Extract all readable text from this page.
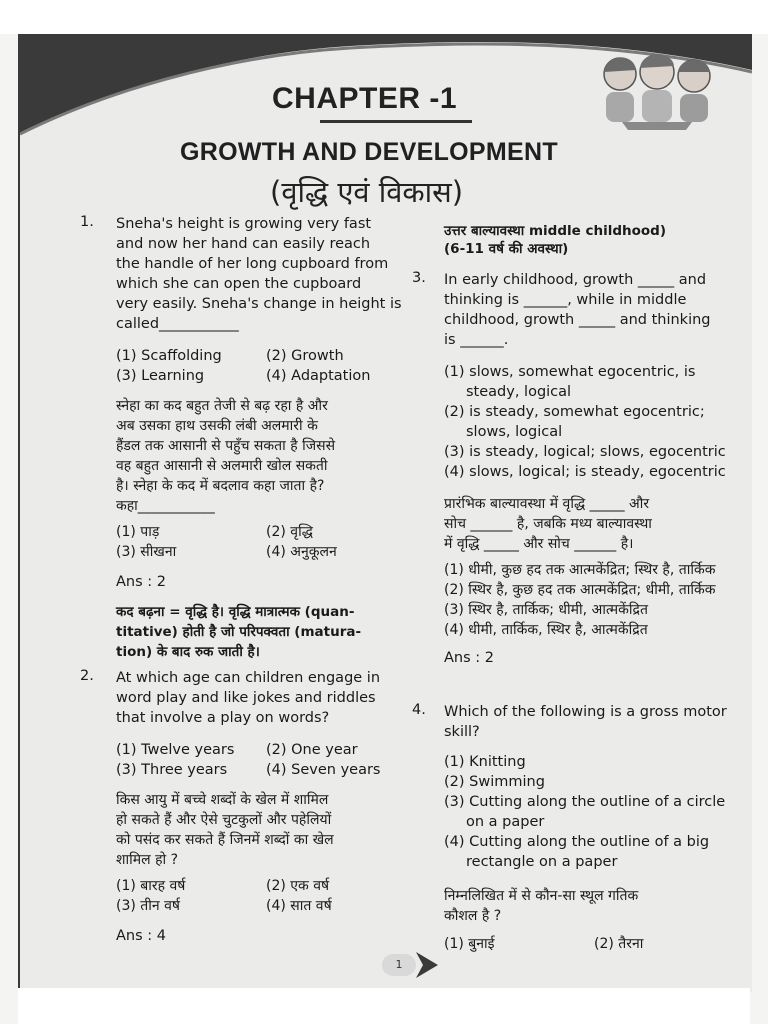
CHAPTER -1
GROWTH AND DEVELOPMENT
(वृद्धि एवं विकास)
1. Sneha's height is growing very fast

and now her hand can easily reach

the handle of her long cupboard from

which she can open the cupboard

very easily. Sneha's change in height is

called___________

(1) Scaffolding	(2) Growth
(3) Learning	(4) Adaptation

स्नेहा का कद बहुत तेजी से बढ़ रहा है और

अब उसका हाथ उसकी लंबी अलमारी के

हैंडल तक आसानी से पहुँच सकता है जिससे

वह बहुत आसानी से अलमारी खोल सकती

है। स्नेहा के कद में बदलाव कहा जाता है?

कहा___________

(1) पाड़	(2) वृद्धि
(3) सीखना	(4) अनुकूलन

Ans : 2

कद बढ़ना = वृद्धि है। वृद्धि मात्रात्मक (quan-

titative) होती है जो परिपक्वता (matura-

tion) के बाद रुक जाती है।

2. At which age can children engage in

word play and like jokes and riddles

that involve a play on words?

(1) Twelve years	(2) One year
(3) Three years	(4) Seven years

किस आयु में बच्चे शब्दों के खेल में शामिल

हो सकते हैं और ऐसे चुटकुलों और पहेलियों

को पसंद कर सकते हैं जिनमें शब्दों का खेल

शामिल हो ?

(1) बारह वर्ष	(2) एक वर्ष
(3) तीन वर्ष	(4) सात वर्ष

Ans : 4

उत्तर बाल्यावस्था middle childhood)

(6-11 वर्ष की अवस्था)

3. In early childhood, growth _____ and

thinking is ______, while in middle

childhood, growth _____ and thinking

is ______.

(1) slows, somewhat egocentric, is steady, logical
(2) is steady, somewhat egocentric; slows, logical
(3) is steady, logical; slows, egocentric
(4) slows, logical; is steady, egocentric

प्रारंभिक बाल्यावस्था में वृद्धि _____ और

सोच ______ है, जबकि मध्य बाल्यावस्था

में वृद्धि _____ और सोच ______ है।

(1) धीमी, कुछ हद तक आत्मकेंद्रित; स्थिर है, तार्किक
(2) स्थिर है, कुछ हद तक आत्मकेंद्रित; धीमी, तार्किक
(3) स्थिर है, तार्किक; धीमी, आत्मकेंद्रित
(4) धीमी, तार्किक, स्थिर है, आत्मकेंद्रित

Ans : 2

4. Which of the following is a gross motor

skill?

(1) Knitting
(2) Swimming
(3) Cutting along the outline of a circle on a paper
(4) Cutting along the outline of a big rectangle on a paper

निम्नलिखित में से कौन-सा स्थूल गतिक

कौशल है ?

(1) बुनाई	(2) तैरना
1
